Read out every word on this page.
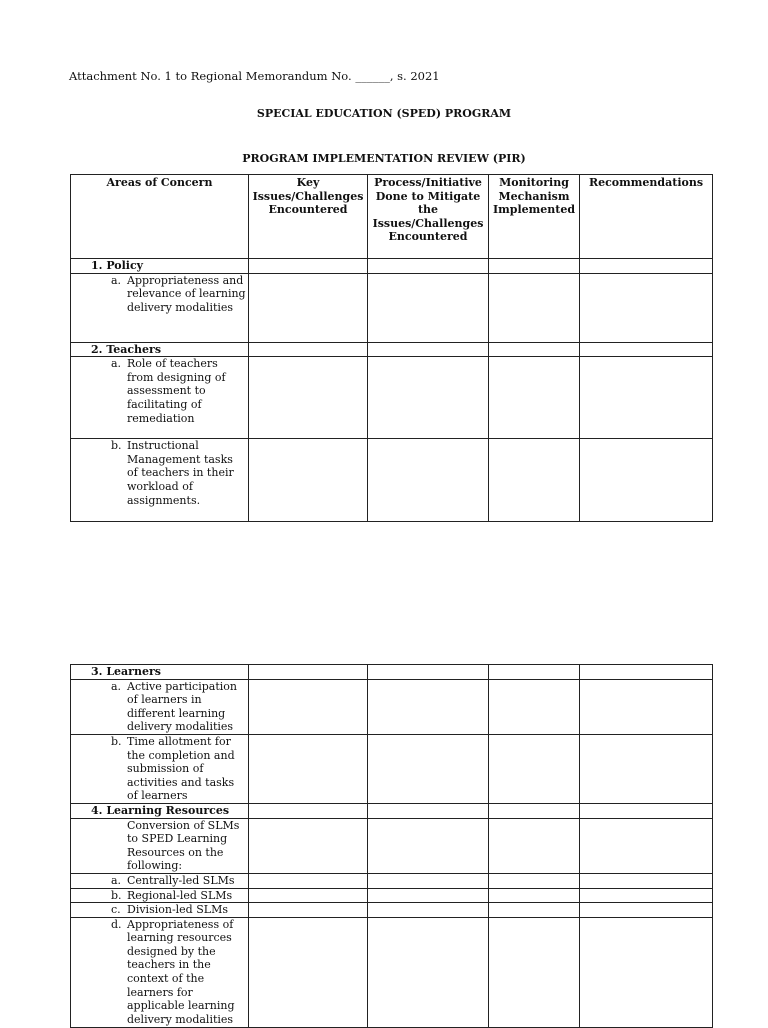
Attachment No. 1 to Regional Memorandum No. ______, s. 2021
SPECIAL EDUCATION (SPED) PROGRAM
PROGRAM IMPLEMENTATION REVIEW (PIR)
Areas of Concern	Key Issues/Challenges Encountered	Process/Initiative Done to Mitigate the Issues/Challenges Encountered	Monitoring Mechanism Implemented	Recommendations
1. Policy				

a. Appropriateness and relevance of learning delivery modalities				

2. Teachers				

a. Role of teachers from designing of assessment to facilitating of remediation				

b. Instructional Management tasks of teachers in their workload of assignments.				

3. Learners				

a. Active participation of learners in different learning delivery modalities				

b. Time allotment for the completion and submission of activities and tasks of learners				

4. Learning Resources				
Conversion of SLMs to SPED Learning Resources on the following:				

a. Centrally-led SLMs				

b. Regional-led SLMs				

c. Division-led SLMs				

d. Appropriateness of learning resources designed by the teachers in the context of the learners for applicable learning delivery modalities				
